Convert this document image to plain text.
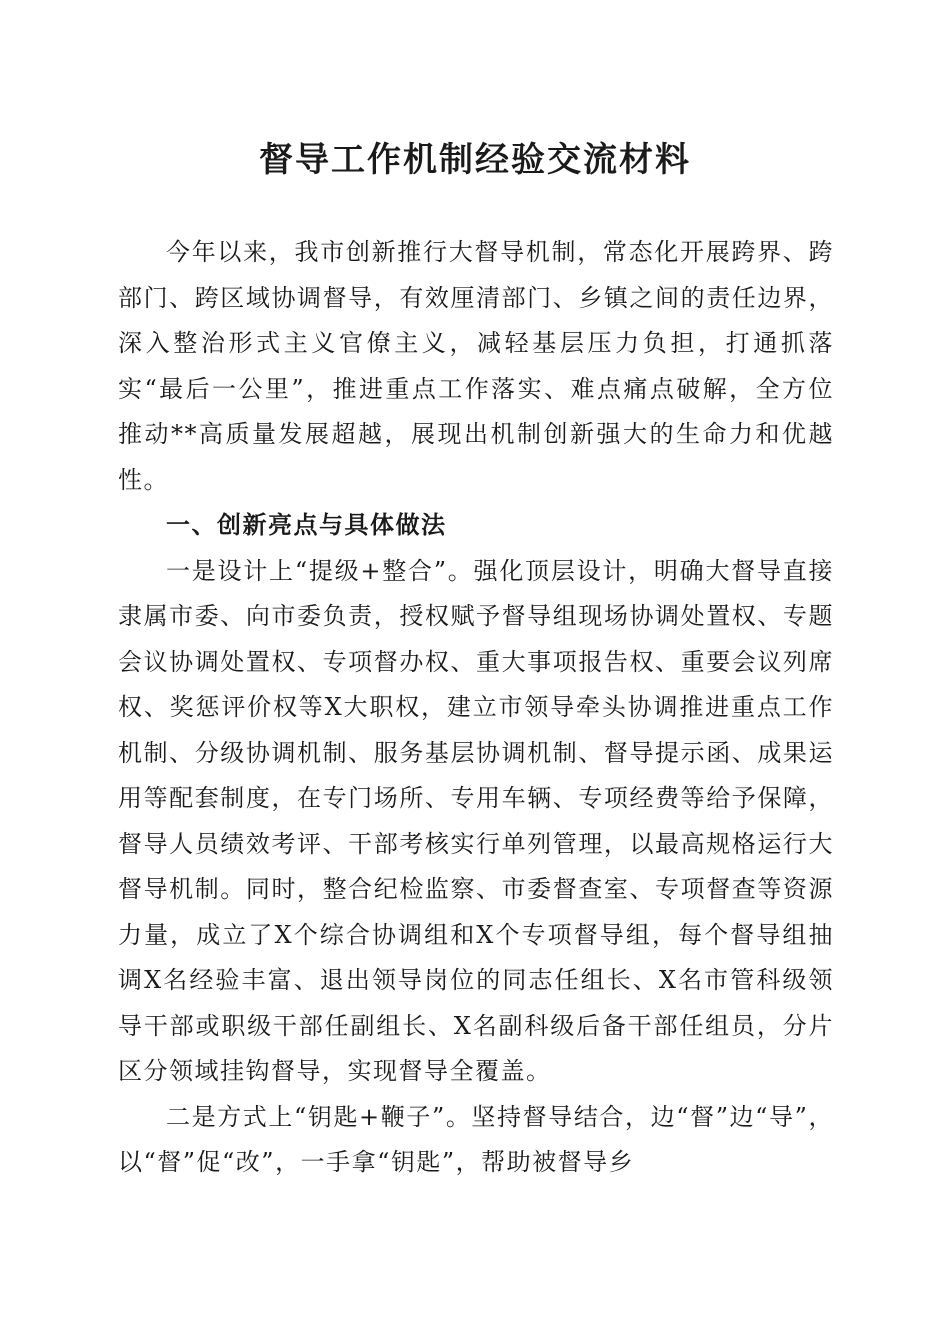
督导工作机制经验交流材料

今年以来，我市创新推行大督导机制，常态化开展跨界、跨部门、跨区域协调督导，有效厘清部门、乡镇之间的责任边界，深入整治形式主义官僚主义，减轻基层压力负担，打通抓落实“最后一公里”，推进重点工作落实、难点痛点破解，全方位推动**高质量发展超越，展现出机制创新强大的生命力和优越性。

一、创新亮点与具体做法

一是设计上“提级+整合”。强化顶层设计，明确大督导直接隶属市委、向市委负责，授权赋予督导组现场协调处置权、专题会议协调处置权、专项督办权、重大事项报告权、重要会议列席权、奖惩评价权等X大职权，建立市领导牵头协调推进重点工作机制、分级协调机制、服务基层协调机制、督导提示函、成果运用等配套制度，在专门场所、专用车辆、专项经费等给予保障，督导人员绩效考评、干部考核实行单列管理，以最高规格运行大督导机制。同时，整合纪检监察、市委督查室、专项督查等资源力量，成立了X个综合协调组和X个专项督导组，每个督导组抽调X名经验丰富、退出领导岗位的同志任组长、X名市管科级领导干部或职级干部任副组长、X名副科级后备干部任组员，分片区分领域挂钩督导，实现督导全覆盖。

二是方式上“钥匙+鞭子”。坚持督导结合，边“督”边“导”，以“督”促“改”，一手拿“钥匙”，帮助被督导乡
